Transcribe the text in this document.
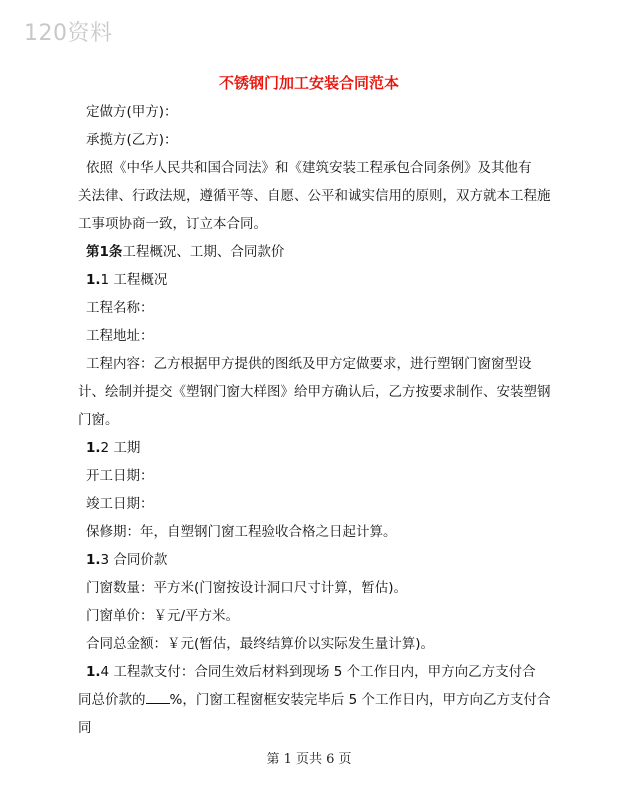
120资料
不锈钢门加工安装合同范本

定做方(甲方)：

承揽方(乙方)：

依照《中华人民共和国合同法》和《建筑安装工程承包合同条例》及其他有

关法律、行政法规，遵循平等、自愿、公平和诚实信用的原则，双方就本工程施

工事项协商一致，订立本合同。

第1条工程概况、工期、合同款价

1.1 工程概况

工程名称：

工程地址：

工程内容：乙方根据甲方提供的图纸及甲方定做要求，进行塑钢门窗窗型设

计、绘制并提交《塑钢门窗大样图》给甲方确认后，乙方按要求制作、安装塑钢

门窗。

1.2 工期

开工日期：

竣工日期：

保修期：年，自塑钢门窗工程验收合格之日起计算。

1.3 合同价款

门窗数量：平方米(门窗按设计洞口尺寸计算，暂估)。

门窗单价：￥元/平方米。

合同总金额：￥元(暂估，最终结算价以实际发生量计算)。

1.4 工程款支付：合同生效后材料到现场 5 个工作日内，甲方向乙方支付合

同总价款的 %，门窗工程窗框安装完毕后 5 个工作日内，甲方向乙方支付合同

第 1 页共 6 页
